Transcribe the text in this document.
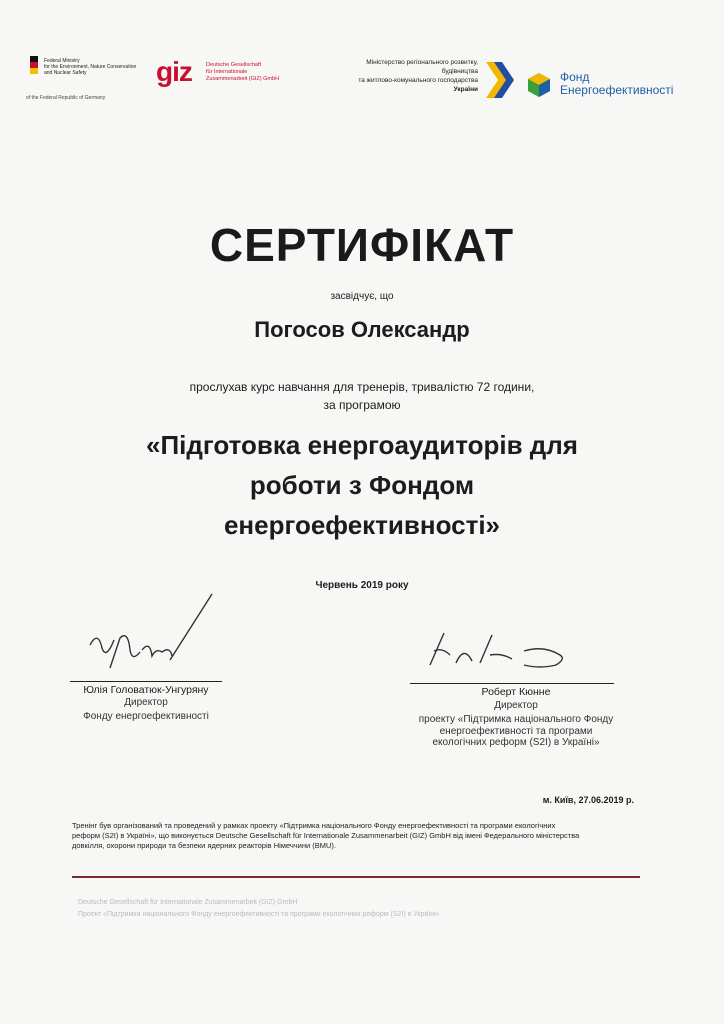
Federal Ministry
for the Environment, Nature Conservation
and Nuclear Safety
of the Federal Republic of Germany
giz	Deutsche Gesellschaft
für Internationale
Zusammenarbeit (GIZ) GmbH
Міністерство регіонального розвитку,
будівництва
та житлово-комунального господарства
України
Фонд
Енергоефективності
СЕРТИФІКАТ
засвідчує, що
Погосов Олександр
прослухав курс навчання для тренерів, тривалістю 72 години,
за програмою
«Підготовка енергоаудиторів для
роботи з Фондом
енергоефективності»
Червень 2019 року
Юлія Головатюк-Унгуряну
Директор
Фонду енергоефективності
Роберт Кюнне
Директор
проекту «Підтримка національного Фонду
енергоефективності та програми
екологічних реформ (S2I) в Україні»
м. Київ, 27.06.2019 р.
Тренінг був організований та проведений у рамках проекту «Підтримка національного Фонду енергоефективності та програми екологічних
реформ (S2I) в Україні», що виконується Deutsche Gesellschaft für Internationale Zusammenarbeit (GIZ) GmbH від імені Федерального міністерства
довкілля, охорони природи та безпеки ядерних реакторів Німеччини (BMU).
Deutsche Gesellschaft für Internationale Zusammenarbeit (GIZ) GmbH
Проект «Підтримка національного Фонду енергоефективності та програми екологічних реформ (S2I) в Україні»
